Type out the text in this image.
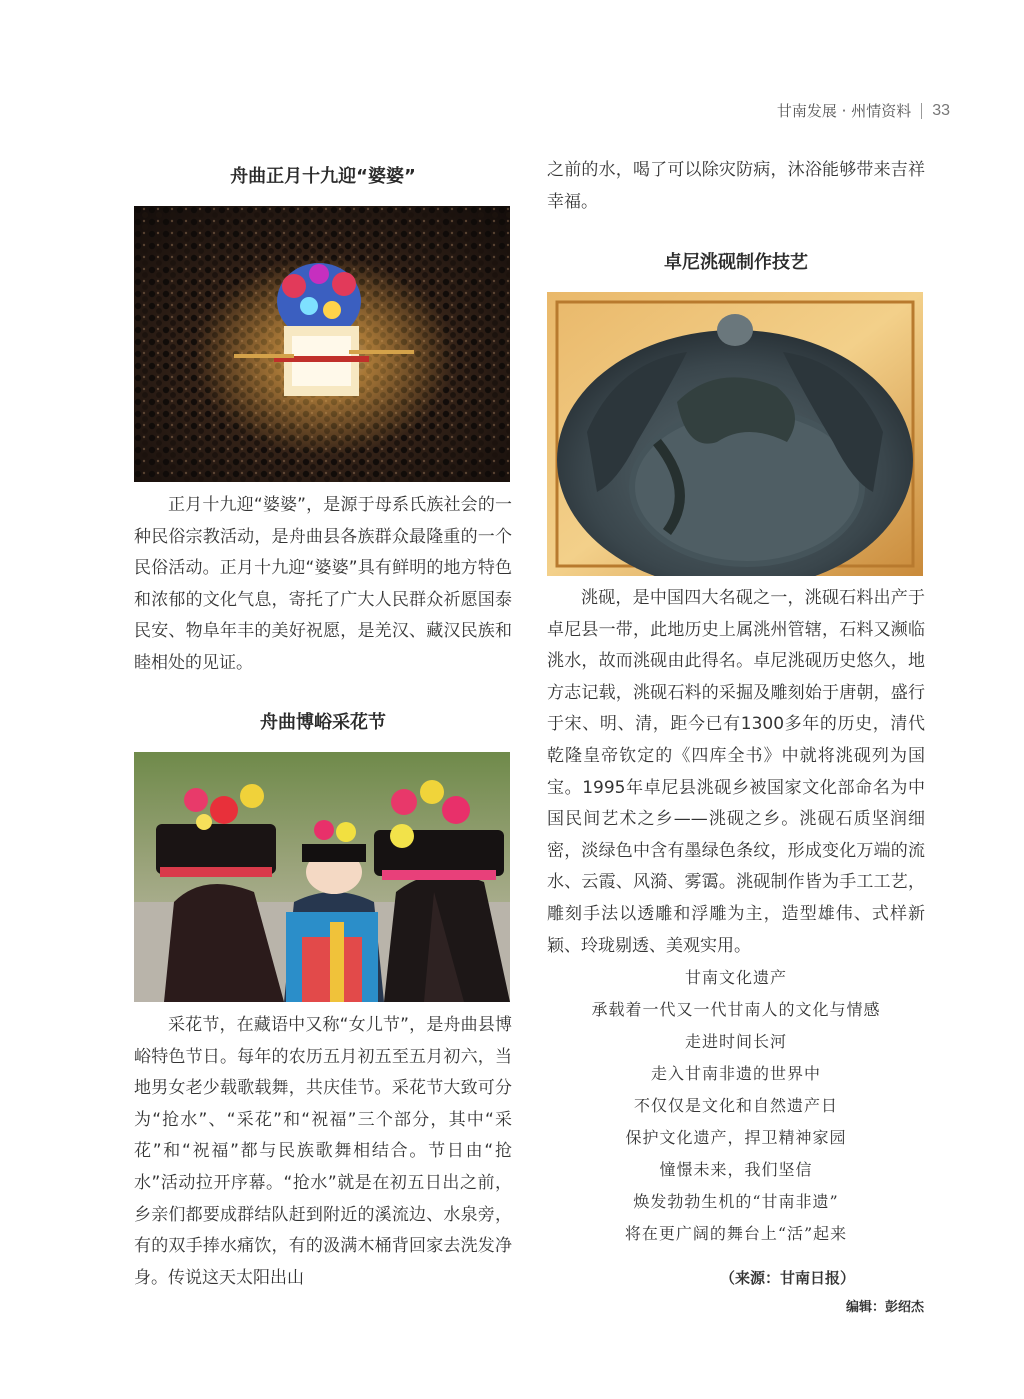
甘南发展 · 州情资料 33
舟曲正月十九迎“婆婆”

正月十九迎“婆婆”，是源于母系氏族社会的一种民俗宗教活动，是舟曲县各族群众最隆重的一个民俗活动。正月十九迎“婆婆”具有鲜明的地方特色和浓郁的文化气息，寄托了广大人民群众祈愿国泰民安、物阜年丰的美好祝愿，是羌汉、藏汉民族和睦相处的见证。

舟曲博峪采花节

采花节，在藏语中又称“女儿节”，是舟曲县博峪特色节日。每年的农历五月初五至五月初六，当地男女老少载歌载舞，共庆佳节。采花节大致可分为“抢水”、“采花”和“祝福”三个部分，其中“采花”和“祝福”都与民族歌舞相结合。节日由“抢水”活动拉开序幕。“抢水”就是在初五日出之前，乡亲们都要成群结队赶到附近的溪流边、水泉旁，有的双手捧水痛饮，有的汲满木桶背回家去洗发净身。传说这天太阳出山

之前的水，喝了可以除灾防病，沐浴能够带来吉祥幸福。

卓尼洮砚制作技艺

洮砚，是中国四大名砚之一，洮砚石料出产于卓尼县一带，此地历史上属洮州管辖，石料又濒临洮水，故而洮砚由此得名。卓尼洮砚历史悠久，地方志记载，洮砚石料的采掘及雕刻始于唐朝，盛行于宋、明、清，距今已有1300多年的历史，清代乾隆皇帝钦定的《四库全书》中就将洮砚列为国宝。1995年卓尼县洮砚乡被国家文化部命名为中国民间艺术之乡——洮砚之乡。洮砚石质坚润细密，淡绿色中含有墨绿色条纹，形成变化万端的流水、云霞、风漪、雾霭。洮砚制作皆为手工工艺，雕刻手法以透雕和浮雕为主，造型雄伟、式样新颖、玲珑剔透、美观实用。

甘南文化遗产
承载着一代又一代甘南人的文化与情感
走进时间长河
走入甘南非遗的世界中
不仅仅是文化和自然遗产日
保护文化遗产，捍卫精神家园
憧憬未来，我们坚信
焕发勃勃生机的“甘南非遗”
将在更广阔的舞台上“活”起来
（来源：甘南日报）
编辑：彭绍杰
